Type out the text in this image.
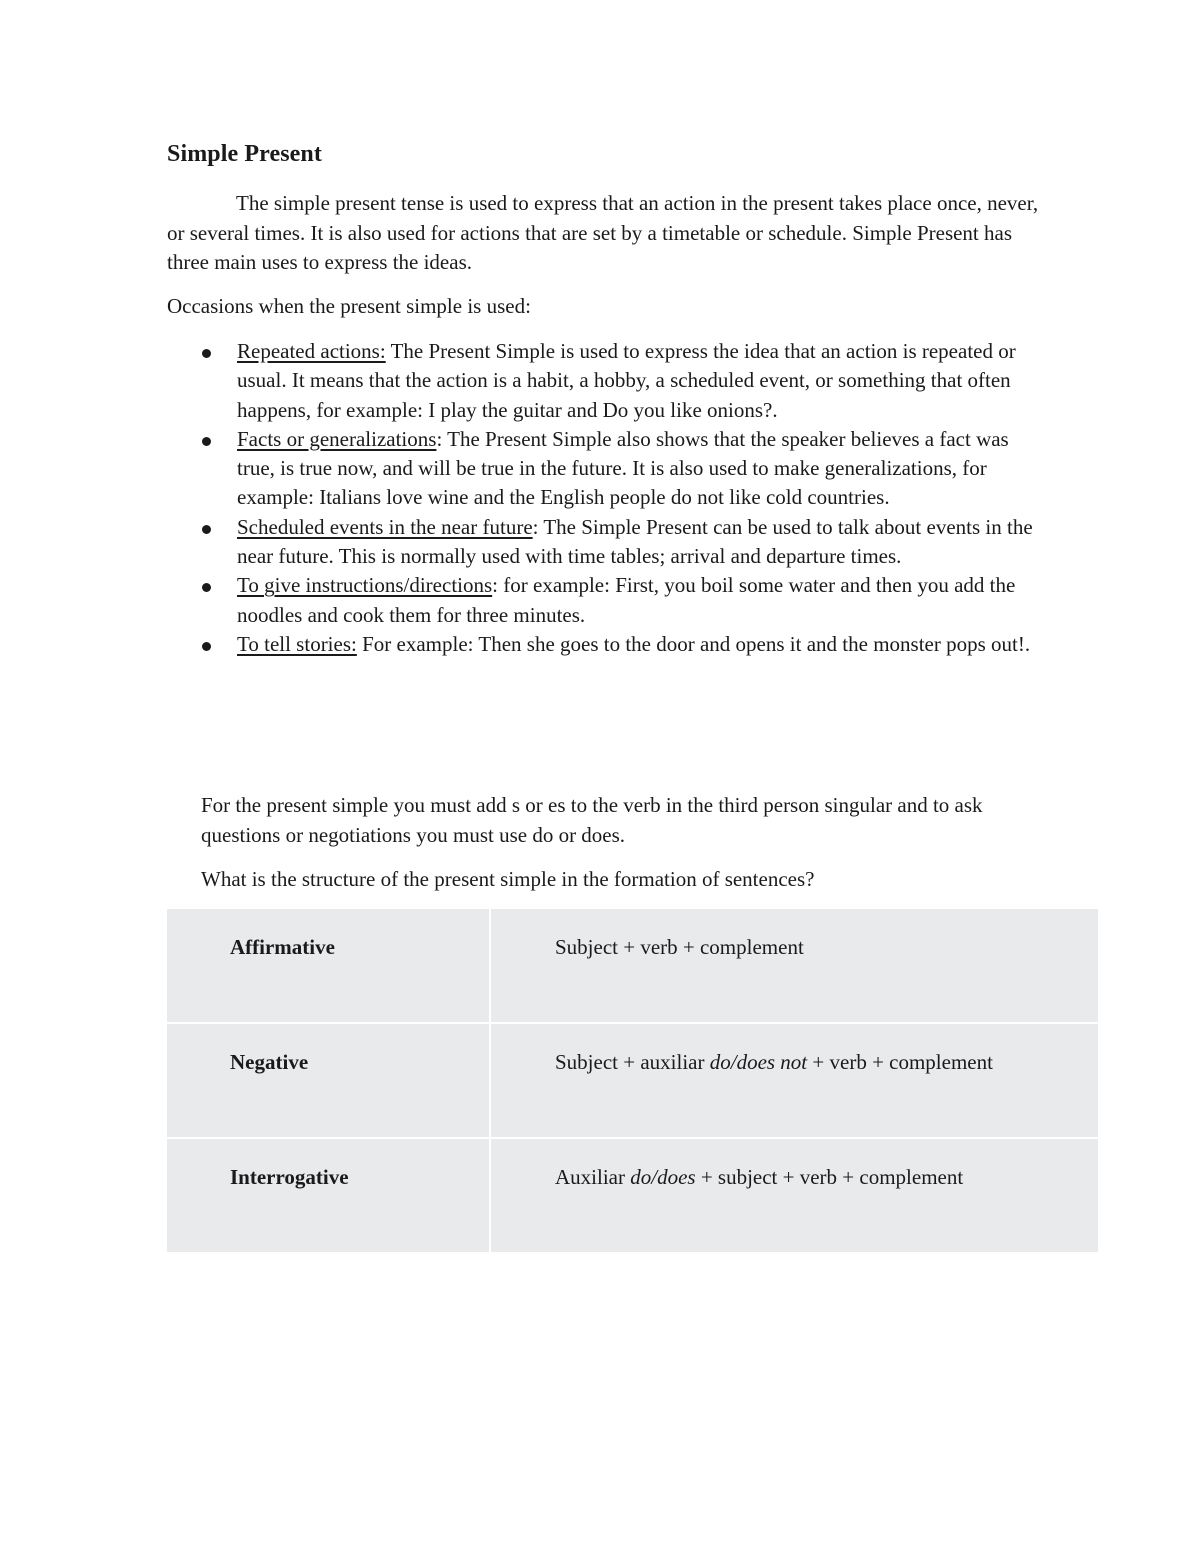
Simple Present

The simple present tense is used to express that an action in the present takes place once, never, or several times. It is also used for actions that are set by a timetable or schedule. Simple Present has three main uses to express the ideas.

Occasions when the present simple is used:

Repeated actions: The Present Simple is used to express the idea that an action is repeated or usual. It means that the action is a habit, a hobby, a scheduled event, or something that often happens, for example: I play the guitar and Do you like onions?.
Facts or generalizations: The Present Simple also shows that the speaker believes a fact was true, is true now, and will be true in the future. It is also used to make generalizations, for example: Italians love wine and the English people do not like cold countries.
Scheduled events in the near future: The Simple Present can be used to talk about events in the near future. This is normally used with time tables; arrival and departure times.
To give instructions/directions: for example: First, you boil some water and then you add the noodles and cook them for three minutes.
To tell stories: For example: Then she goes to the door and opens it and the monster pops out!.

For the present simple you must add s or es to the verb in the third person singular and to ask questions or negotiations you must use do or does.

What is the structure of the present simple in the formation of sentences?

Affirmative	Subject + verb + complement
Negative	Subject + auxiliar do/does not + verb + complement
Interrogative	Auxiliar do/does + subject + verb + complement
